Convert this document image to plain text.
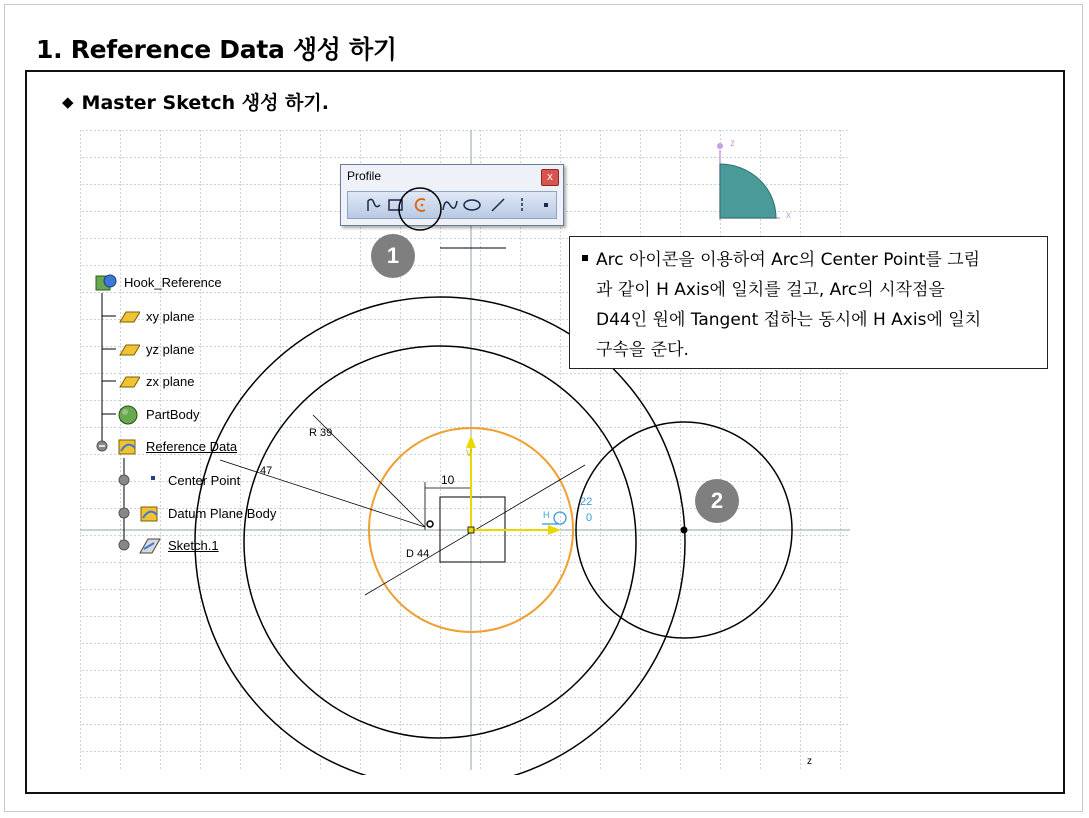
1. Reference Data 생성 하기
◆ Master Sketch 생성 하기.
R 39
47
10
D 44
22
0
V
H
z
x
z
Hook_Reference
xy plane
yz plane
zx plane
PartBody
Reference Data
Center Point
Datum Plane Body
Sketch.1
Profile	x
1
2
Arc 아이콘을 이용하여 Arc의 Center Point를 그림
과 같이 H Axis에 일치를 걸고, Arc의 시작점을
D44인 원에 Tangent 접하는 동시에 H Axis에 일치
구속을 준다.
